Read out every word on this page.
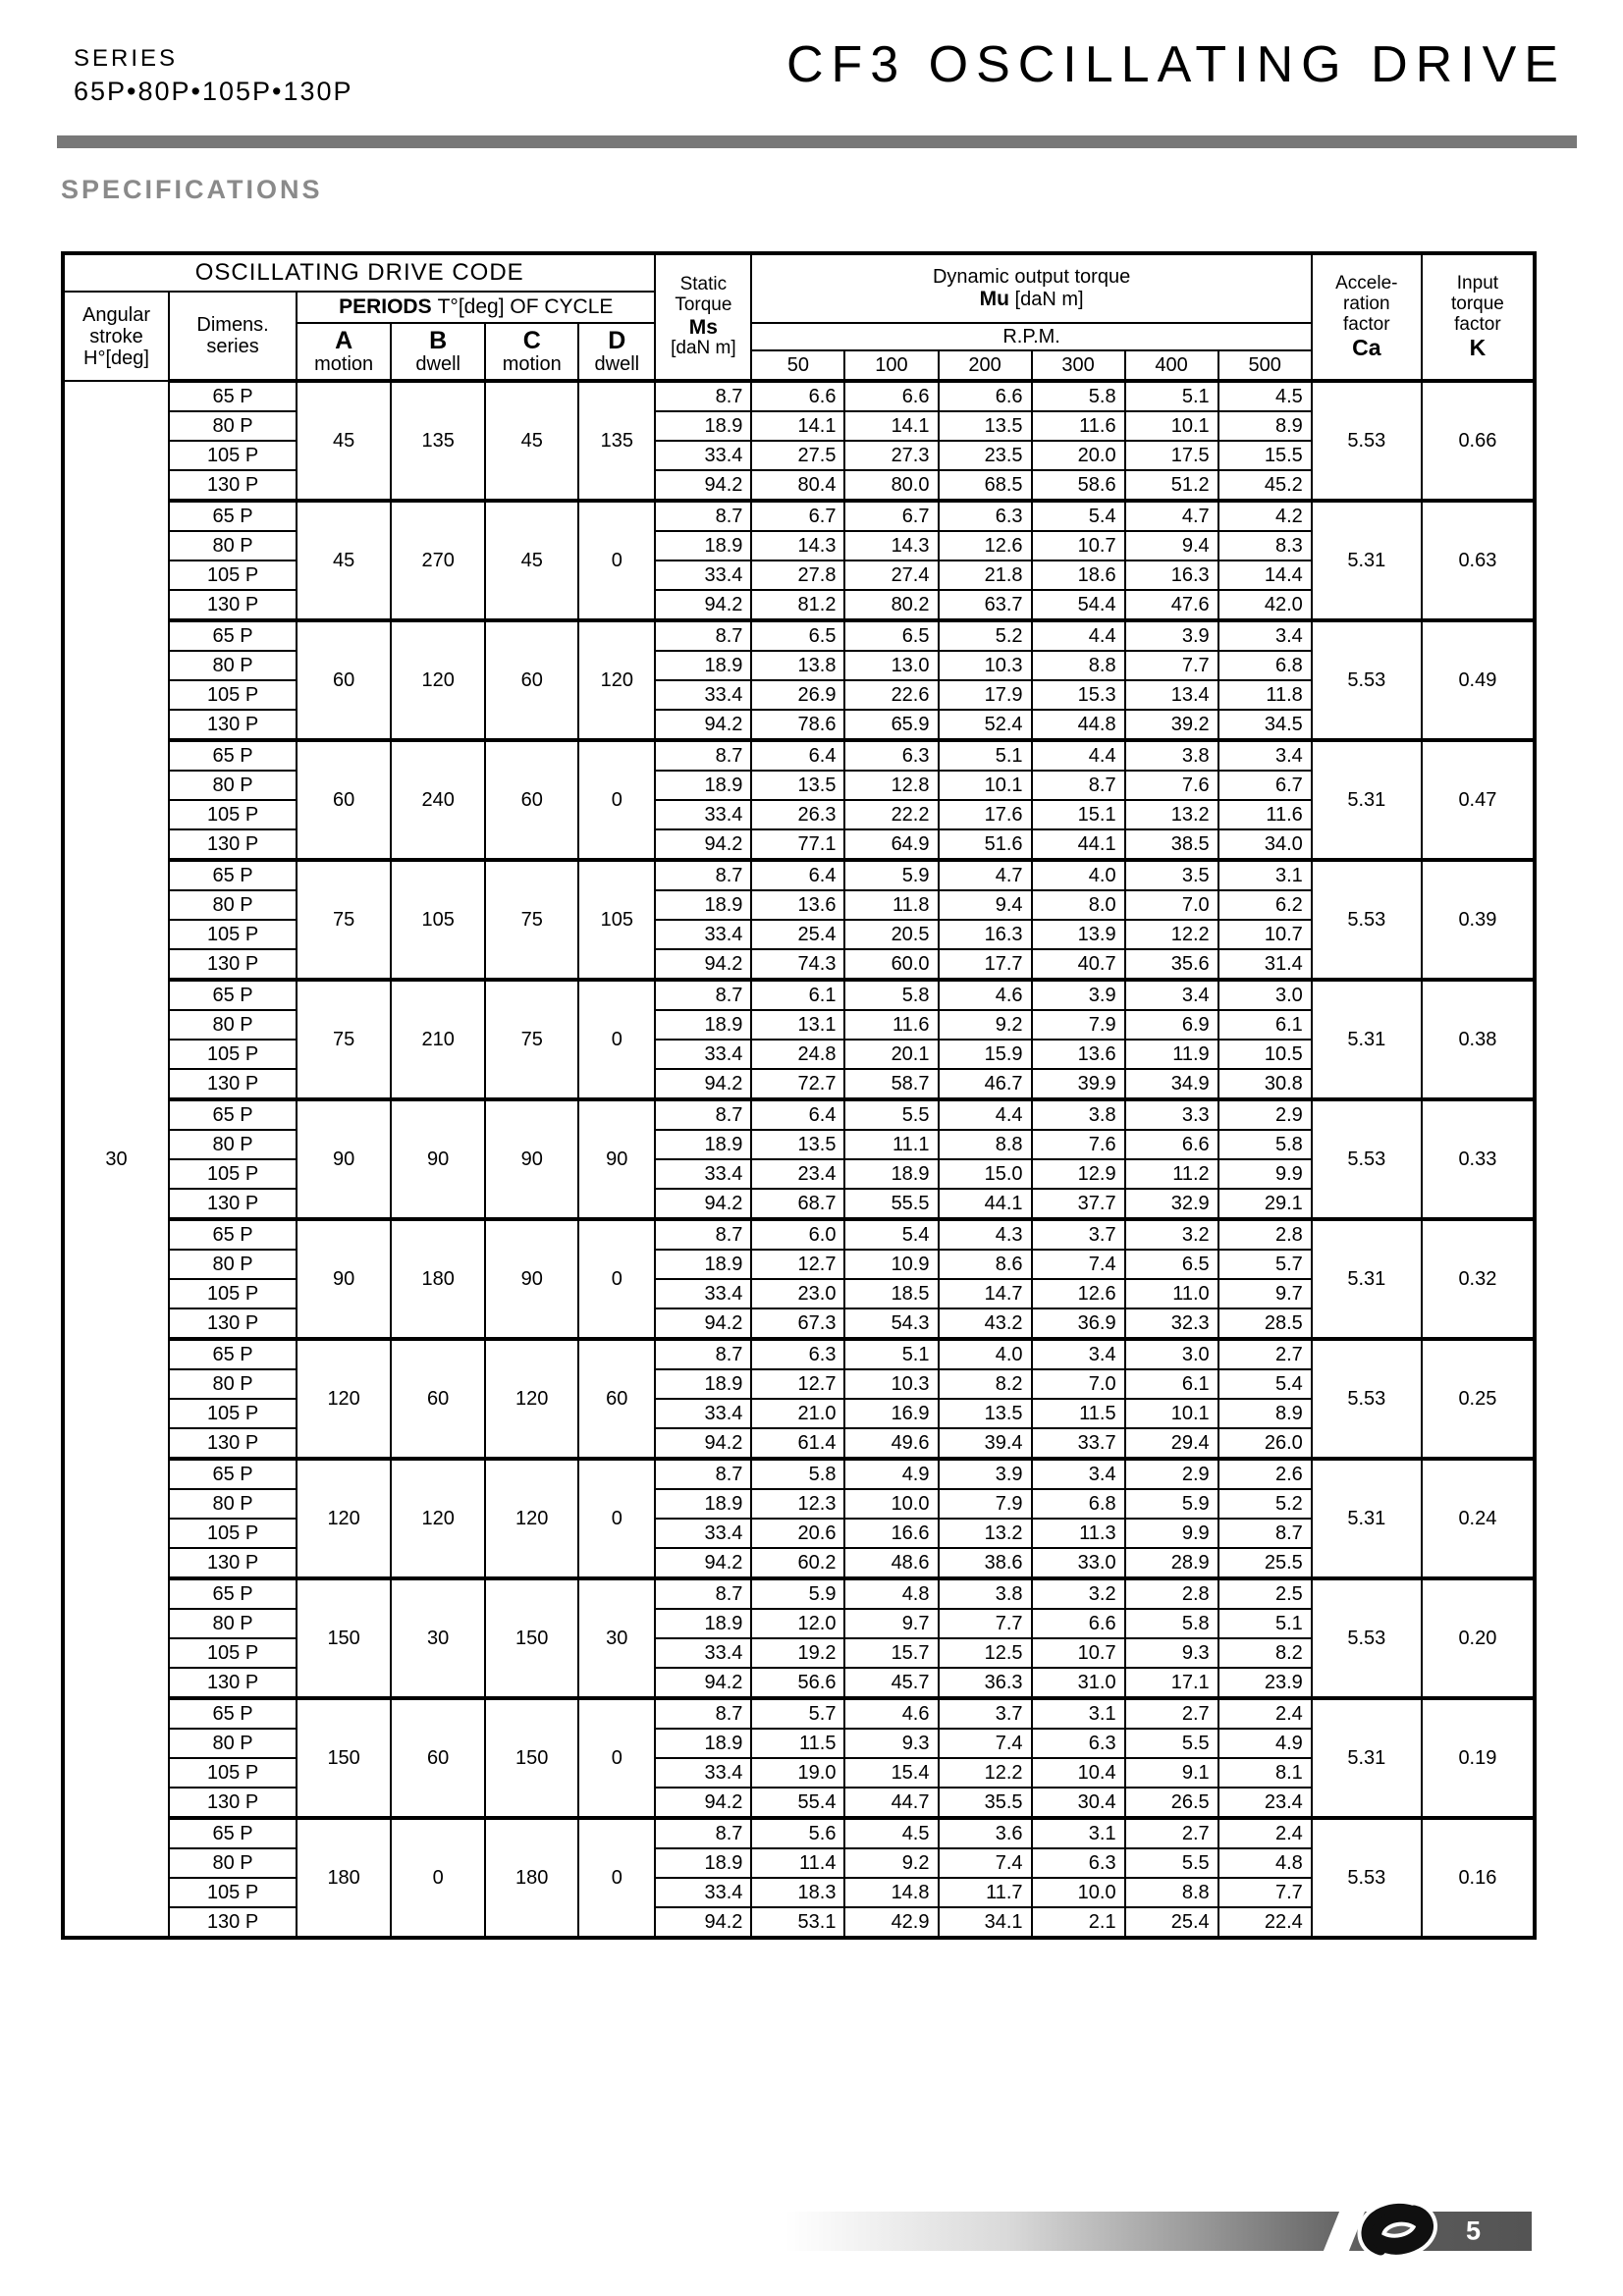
SERIES
65P•80P•105P•130P	CF3 OSCILLATING DRIVE
SPECIFICATIONS
OSCILLATING DRIVE CODE	Static
Torque
Ms
[daN m]

Dynamic output torque
Mu [daN m]

Accele-
ration
factor
Ca

Input
torque
factor
K

Angular
stroke
H°[deg]

Dimens.
series
	PERIODS T°[deg] OF CYCLE

A
motion

B
dwell

C
motion

D
dwell
	R.P.M.
							50	100	200	300	400	500		
30	65 P	45	135	45	135	8.7	6.6	6.6	6.6	5.8	5.1	4.5	5.53	0.66
	80 P					18.9	14.1	14.1	13.5	11.6	10.1	8.9		
	105 P					33.4	27.5	27.3	23.5	20.0	17.5	15.5		
	130 P					94.2	80.4	80.0	68.5	58.6	51.2	45.2		
	65 P	45	270	45	0	8.7	6.7	6.7	6.3	5.4	4.7	4.2	5.31	0.63
	80 P					18.9	14.3	14.3	12.6	10.7	9.4	8.3		
	105 P					33.4	27.8	27.4	21.8	18.6	16.3	14.4		
	130 P					94.2	81.2	80.2	63.7	54.4	47.6	42.0		
	65 P	60	120	60	120	8.7	6.5	6.5	5.2	4.4	3.9	3.4	5.53	0.49
	80 P					18.9	13.8	13.0	10.3	8.8	7.7	6.8		
	105 P					33.4	26.9	22.6	17.9	15.3	13.4	11.8		
	130 P					94.2	78.6	65.9	52.4	44.8	39.2	34.5		
	65 P	60	240	60	0	8.7	6.4	6.3	5.1	4.4	3.8	3.4	5.31	0.47
	80 P					18.9	13.5	12.8	10.1	8.7	7.6	6.7		
	105 P					33.4	26.3	22.2	17.6	15.1	13.2	11.6		
	130 P					94.2	77.1	64.9	51.6	44.1	38.5	34.0		
	65 P	75	105	75	105	8.7	6.4	5.9	4.7	4.0	3.5	3.1	5.53	0.39
	80 P					18.9	13.6	11.8	9.4	8.0	7.0	6.2		
	105 P					33.4	25.4	20.5	16.3	13.9	12.2	10.7		
	130 P					94.2	74.3	60.0	17.7	40.7	35.6	31.4		
	65 P	75	210	75	0	8.7	6.1	5.8	4.6	3.9	3.4	3.0	5.31	0.38
	80 P					18.9	13.1	11.6	9.2	7.9	6.9	6.1		
	105 P					33.4	24.8	20.1	15.9	13.6	11.9	10.5		
	130 P					94.2	72.7	58.7	46.7	39.9	34.9	30.8		
	65 P	90	90	90	90	8.7	6.4	5.5	4.4	3.8	3.3	2.9	5.53	0.33
	80 P					18.9	13.5	11.1	8.8	7.6	6.6	5.8		
	105 P					33.4	23.4	18.9	15.0	12.9	11.2	9.9		
	130 P					94.2	68.7	55.5	44.1	37.7	32.9	29.1		
	65 P	90	180	90	0	8.7	6.0	5.4	4.3	3.7	3.2	2.8	5.31	0.32
	80 P					18.9	12.7	10.9	8.6	7.4	6.5	5.7		
	105 P					33.4	23.0	18.5	14.7	12.6	11.0	9.7		
	130 P					94.2	67.3	54.3	43.2	36.9	32.3	28.5		
	65 P	120	60	120	60	8.7	6.3	5.1	4.0	3.4	3.0	2.7	5.53	0.25
	80 P					18.9	12.7	10.3	8.2	7.0	6.1	5.4		
	105 P					33.4	21.0	16.9	13.5	11.5	10.1	8.9		
	130 P					94.2	61.4	49.6	39.4	33.7	29.4	26.0		
	65 P	120	120	120	0	8.7	5.8	4.9	3.9	3.4	2.9	2.6	5.31	0.24
	80 P					18.9	12.3	10.0	7.9	6.8	5.9	5.2		
	105 P					33.4	20.6	16.6	13.2	11.3	9.9	8.7		
	130 P					94.2	60.2	48.6	38.6	33.0	28.9	25.5		
	65 P	150	30	150	30	8.7	5.9	4.8	3.8	3.2	2.8	2.5	5.53	0.20
	80 P					18.9	12.0	9.7	7.7	6.6	5.8	5.1		
	105 P					33.4	19.2	15.7	12.5	10.7	9.3	8.2		
	130 P					94.2	56.6	45.7	36.3	31.0	17.1	23.9		
	65 P	150	60	150	0	8.7	5.7	4.6	3.7	3.1	2.7	2.4	5.31	0.19
	80 P					18.9	11.5	9.3	7.4	6.3	5.5	4.9		
	105 P					33.4	19.0	15.4	12.2	10.4	9.1	8.1		
	130 P					94.2	55.4	44.7	35.5	30.4	26.5	23.4		
	65 P	180	0	180	0	8.7	5.6	4.5	3.6	3.1	2.7	2.4	5.53	0.16
	80 P					18.9	11.4	9.2	7.4	6.3	5.5	4.8		
	105 P					33.4	18.3	14.8	11.7	10.0	8.8	7.7		
	130 P					94.2	53.1	42.9	34.1	2.1	25.4	22.4		
5
